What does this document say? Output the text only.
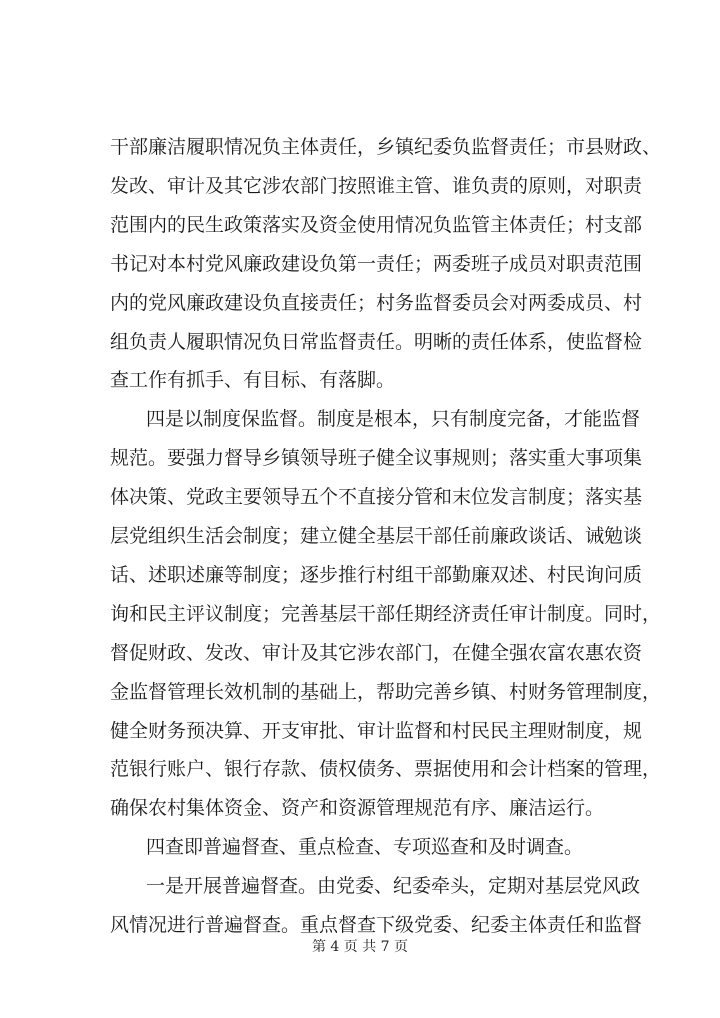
干部廉洁履职情况负主体责任，乡镇纪委负监督责任；市县财政、
发改、审计及其它涉农部门按照谁主管、谁负责的原则，对职责
范围内的民生政策落实及资金使用情况负监管主体责任；村支部
书记对本村党风廉政建设负第一责任；两委班子成员对职责范围
内的党风廉政建设负直接责任；村务监督委员会对两委成员、村
组负责人履职情况负日常监督责任。明晰的责任体系，使监督检
查工作有抓手、有目标、有落脚。
四是以制度保监督。制度是根本，只有制度完备，才能监督
规范。要强力督导乡镇领导班子健全议事规则；落实重大事项集
体决策、党政主要领导五个不直接分管和末位发言制度；落实基
层党组织生活会制度；建立健全基层干部任前廉政谈话、诫勉谈
话、述职述廉等制度；逐步推行村组干部勤廉双述、村民询问质
询和民主评议制度；完善基层干部任期经济责任审计制度。同时，
督促财政、发改、审计及其它涉农部门，在健全强农富农惠农资
金监督管理长效机制的基础上，帮助完善乡镇、村财务管理制度，
健全财务预决算、开支审批、审计监督和村民民主理财制度，规
范银行账户、银行存款、债权债务、票据使用和会计档案的管理，
确保农村集体资金、资产和资源管理规范有序、廉洁运行。
四查即普遍督查、重点检查、专项巡查和及时调查。
一是开展普遍督查。由党委、纪委牵头，定期对基层党风政
风情况进行普遍督查。重点督查下级党委、纪委主体责任和监督
第 4 页 共 7 页
